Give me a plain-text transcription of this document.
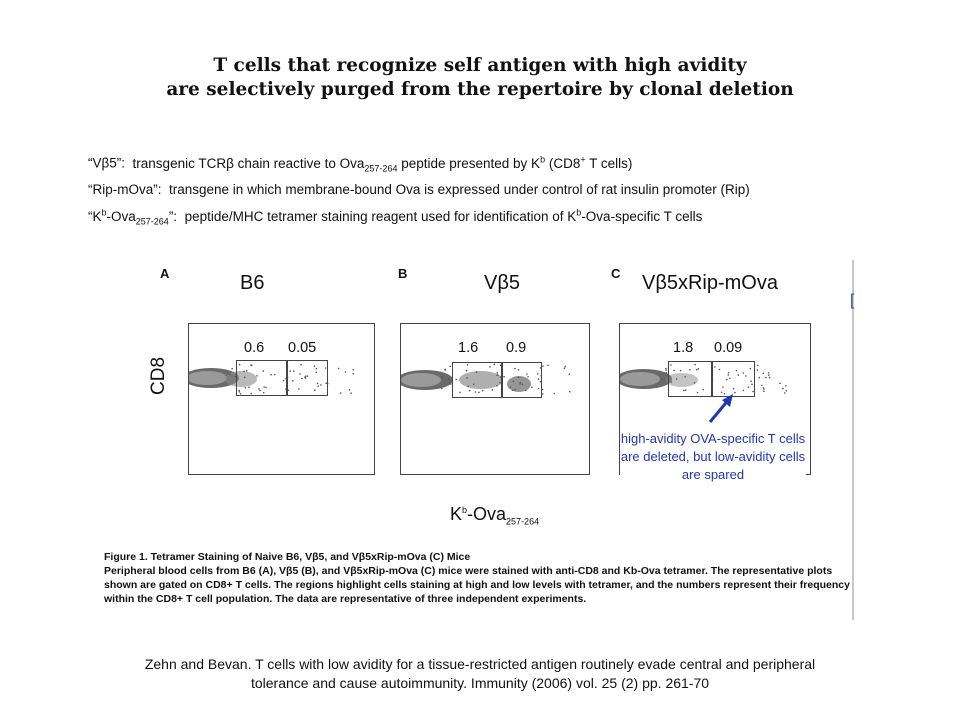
T cells that recognize self antigen with high avidity
are selectively purged from the repertoire by clonal deletion
“Vβ5”: transgenic TCRβ chain reactive to Ova$_{257-264}$ peptide presented by $K^b$ (CD8+ T cells)
“Rip-mOva”: transgene in which membrane-bound Ova is expressed under control of rat insulin promoter (Rip)
“$K^b-Ova_{257-264}$”: peptide/MHC tetramer staining reagent used for identification of $K^b-Ova$-specific T cells
[
A	B6	B	Vβ5	C Vβ5xRip-mOva
0.6 0.05	1.6 0.9	1.8 0.09
CD8
$K^b-Ova_{257-264}$
high-avidity OVA-specific T cells are deleted, but low-avidity cells are spared
Figure 1. Tetramer Staining of Naive B6, Vβ5, and Vβ5xRip-mOva (C) Mice
Peripheral blood cells from B6 (A), Vβ5 (B), and Vβ5xRip-mOva (C) mice were stained with anti-CD8 and Kb-Ova tetramer. The representative plots shown are gated on CD8+ T cells. The regions highlight cells staining at high and low levels with tetramer, and the numbers represent their frequency within the CD8+ T cell population. The data are representative of three independent experiments.
Zehn and Bevan. T cells with low avidity for a tissue-restricted antigen routinely evade central and peripheral
tolerance and cause autoimmunity. Immunity (2006) vol. 25 (2) pp. 261-70
